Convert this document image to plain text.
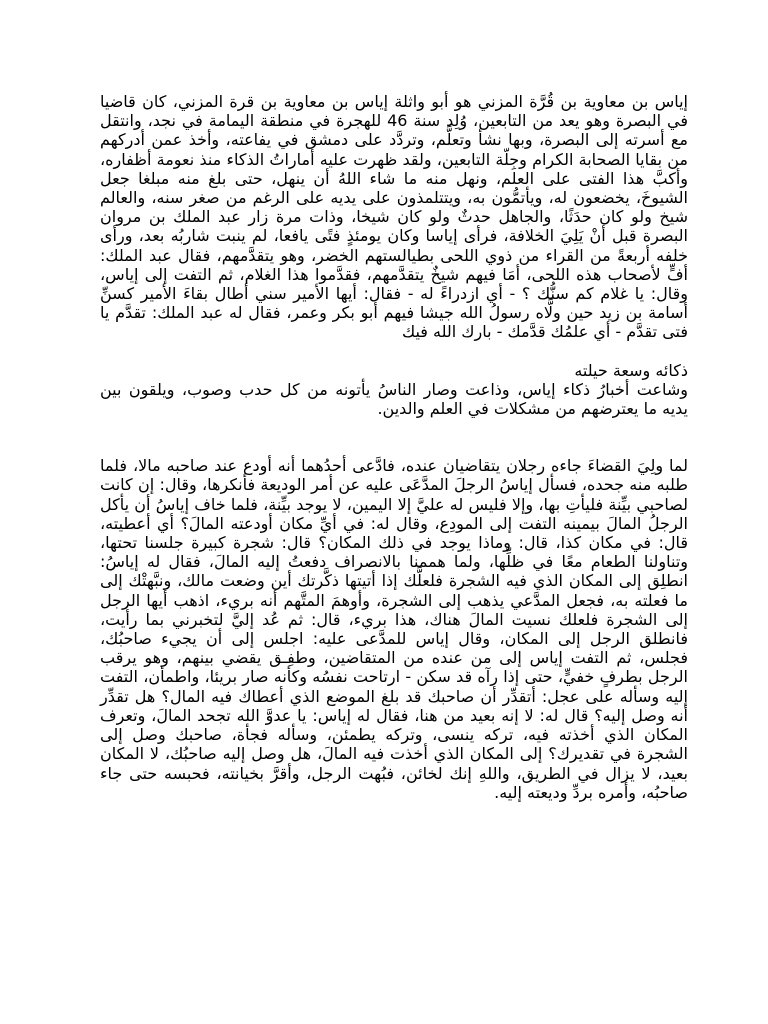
إياس بن معاوية بن قُرَّة المزني هو أبو واثلة إياس بن معاوية بن قرة المزني، كان قاضيا في البصرة وهو يعد من التابعين، وُلِد سنة 46 للهجرة في منطقة اليمامة في نجد، وانتقل مع أسرته إلى البصرة، وبها نشأ وتعلَّم، وتردَّد على دمشق في يفاعته، وأخذ عمن أدركهم من بقايا الصحابة الكرام وجِلّة التابعين، ولقد ظهرت عليه أماراتُ الذكاء منذ نعومة أظفاره، وأكبَّ هذا الفتى على العلم، ونهل منه ما شاء اللهُ أن ينهل، حتى بلغ منه مبلغا جعل الشيوخَ، يخضعون له، ويأتمُّون به، ويتتلمذون على يديه على الرغم من صغر سنه، والعالم شيخ ولو كان حدَثًا، والجاهل حدثٌ ولو كان شيخا، وذات مرة زار عبد الملك بن مروان البصرة قبل أنْ يَلِيَ الخلافة، فرأى إياسا وكان يومئذٍ فتًى يافعا، لم ينبت شاربُه بعد، ورأى خلفه أربعةً من القراء من ذوي اللحى بطيالستهم الخضر، وهو يتقدَّمهم، فقال عبد الملك: أفٍّ لأصحاب هذه اللحى، أمَا فيهم شيخٌ يتقدَّمهم، فقدَّموا هذا الغلام، ثم التفت إلى إياس، وقال: يا غلام كم سنُّك ؟ - أي ازدراءً له - فقال: أيها الأمير سني أطال بقاءَ الأمير كسنِّ أسامة بن زيد حين ولَّاه رسولُ الله جيشا فيهم أبو بكر وعمر، فقال له عبد الملك: تقدَّم يا فتى تقدَّم - أي علمُك قدَّمك - بارك الله فيك

ذكائه وسعة حيلته

وشاعت أخبارُ ذكاء إياس، وذاعت وصار الناسُ يأتونه من كل حدب وصوب، ويلقون بين يديه ما يعترضهم من مشكلات في العلم والدين.

لما ولِيَ القضاءَ جاءه رجلان يتقاضيان عنده، فادَّعى أحدُهما أنه أودع عند صاحبه مالا، فلما طلبه منه جحده، فسأل إياسُ الرجلَ المدَّعَى عليه عن أمر الوديعة فأنكرها، وقال: إن كانت لصاحبي بيِّنة فليأتِ بها، وإلا فليس له عليَّ إلا اليمين، لا يوجد بيِّنة، فلما خاف إياسُ أن يأكل الرجلُ المالَ بيمينه التفت إلى المودِع، وقال له: في أيِّ مكان أودعته المالَ؟ أي أعطيته، قال: في مكان كذا، قال: وماذا يوجد في ذلك المكان؟ قال: شجرة كبيرة جلسنا تحتها، وتناولنا الطعام معًا في ظلِّها، ولما هممنا بالانصراف دفعتُ إليه المالَ، فقال له إياسُ: انطلِق إلى المكان الذي فيه الشجرة فلعلَّك إذا أتيتها ذكَّرتك أين وضعت مالك، ونبَّهتْك إلى ما فعلته به، فجعل المدَّعي يذهب إلى الشجرة، وأوهمَ المتَّهم أنه بريء، اذهب أيها الرجل إلى الشجرة فلعلك نسيت المالَ هناك، هذا بريء، قال: ثم عُد إليَّ لتخبرني بما رأيت، فانطلق الرجل إلى المكان، وقال إياس للمدَّعى عليه: اجلس إلى أن يجيء صاحبُك، فجلس، ثم التفت إياس إلى من عنده من المتقاضين، وطفِـق يقضي بينهم، وهو يرقب الرجل بطرفٍ خفيٍّ، حتى إذا رآه قد سكن - ارتاحت نفسُه وكأنه صار بريئا، واطمأن، التفت إليه وسأله على عجل: أتقدِّر أن صاحبك قد بلغ الموضع الذي أعطاك فيه المال؟ هل تقدِّر أنه وصل إليه؟ قال له: لا إنه بعيد من هنا، فقال له إياس: يا عدوَّ الله تجحد المالَ، وتعرف المكان الذي أخذته فيه، تركه ينسى، وتركه يطمئن، وسأله فجأة، صاحبك وصل إلى الشجرة في تقديرك؟ إلى المكان الذي أخذت فيه المالَ، هل وصل إليه صاحبُك، لا المكان بعيد، لا يزال في الطريق، واللهِ إنك لخائن، فبُهت الرجل، وأقرَّ بخيانته، فحبسه حتى جاء صاحبُه، وأمره بردِّ وديعته إليه.
